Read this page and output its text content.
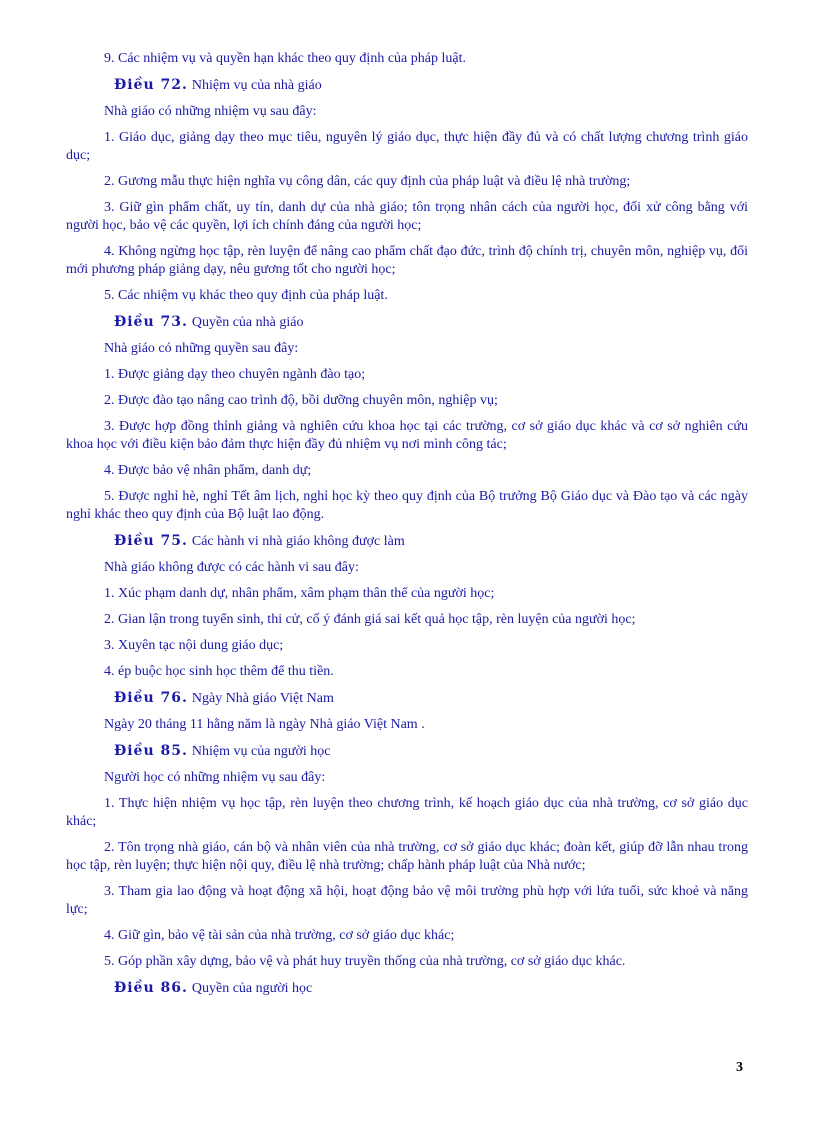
9. Các nhiệm vụ và quyền hạn khác theo quy định của pháp luật.

Điều 72. Nhiệm vụ của nhà giáo

Nhà giáo có những nhiệm vụ sau đây:

1. Giáo dục, giảng dạy theo mục tiêu, nguyên lý giáo dục, thực hiện đầy đủ và có chất lượng chương trình giáo dục;

2. Gương mẫu thực hiện nghĩa vụ công dân, các quy định của pháp luật và điều lệ nhà trường;

3. Giữ gìn phẩm chất, uy tín, danh dự của nhà giáo; tôn trọng nhân cách của người học, đối xử công bằng với người học, bảo vệ các quyền, lợi ích chính đáng của người học;

4. Không ngừng học tập, rèn luyện để nâng cao phẩm chất đạo đức, trình độ chính trị, chuyên môn, nghiệp vụ, đổi mới phương pháp giảng dạy, nêu gương tốt cho người học;

5. Các nhiệm vụ khác theo quy định của pháp luật.

Điều 73. Quyền của nhà giáo

Nhà giáo có những quyền sau đây:

1. Được giảng dạy theo chuyên ngành đào tạo;

2. Được đào tạo nâng cao trình độ, bồi dưỡng chuyên môn, nghiệp vụ;

3. Được hợp đồng thỉnh giảng và nghiên cứu khoa học tại các trường, cơ sở giáo dục khác và cơ sở nghiên cứu khoa học với điều kiện bảo đảm thực hiện đầy đủ nhiệm vụ nơi mình công tác;

4. Được bảo vệ nhân phẩm, danh dự;

5. Được nghỉ hè, nghỉ Tết âm lịch, nghỉ học kỳ theo quy định của Bộ trưởng Bộ Giáo dục và Đào tạo và các ngày nghỉ khác theo quy định của Bộ luật lao động.

Điều 75. Các hành vi nhà giáo không được làm

Nhà giáo không được có các hành vi sau đây:

1. Xúc phạm danh dự, nhân phẩm, xâm phạm thân thể của người học;

2. Gian lận trong tuyển sinh, thi cử, cố ý đánh giá sai kết quả học tập, rèn luyện của người học;

3. Xuyên tạc nội dung giáo dục;

4. ép buộc học sinh học thêm để thu tiền.

Điều 76. Ngày Nhà giáo Việt Nam

Ngày 20 tháng 11 hằng năm là ngày Nhà giáo Việt Nam .

Điều 85. Nhiệm vụ của người học

Người học có những nhiệm vụ sau đây:

1. Thực hiện nhiệm vụ học tập, rèn luyện theo chương trình, kế hoạch giáo dục của nhà trường, cơ sở giáo dục khác;

2. Tôn trọng nhà giáo, cán bộ và nhân viên của nhà trường, cơ sở giáo dục khác; đoàn kết, giúp đỡ lẫn nhau trong học tập, rèn luyện; thực hiện nội quy, điều lệ nhà trường; chấp hành pháp luật của Nhà nước;

3. Tham gia lao động và hoạt động xã hội, hoạt động bảo vệ môi trường phù hợp với lứa tuổi, sức khoẻ và năng lực;

4. Giữ gìn, bảo vệ tài sản của nhà trường, cơ sở giáo dục khác;

5. Góp phần xây dựng, bảo vệ và phát huy truyền thống của nhà trường, cơ sở giáo dục khác.

Điều 86. Quyền của người học

3
